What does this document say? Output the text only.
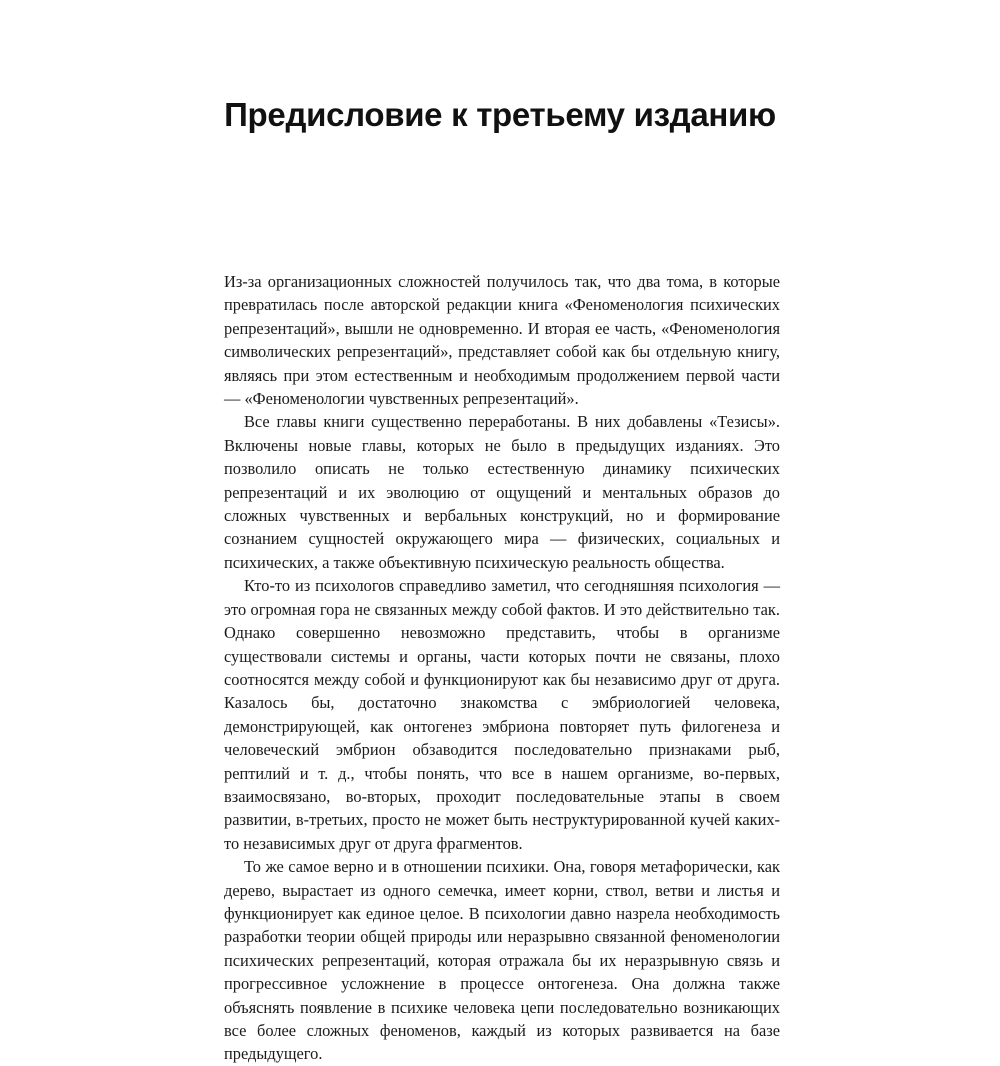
Предисловие к третьему изданию

Из-за организационных сложностей получилось так, что два тома, в которые превратилась после авторской редакции книга «Феноменология психических репрезентаций», вышли не одновременно. И вторая ее часть, «Феноменология символических репрезентаций», представляет собой как бы отдельную книгу, являясь при этом естественным и необходимым продолжением первой части — «Феноменологии чувственных репрезентаций».

Все главы книги существенно переработаны. В них добавлены «Тезисы». Включены новые главы, которых не было в предыдущих изданиях. Это позволило описать не только естественную динамику психических репрезентаций и их эволюцию от ощущений и ментальных образов до сложных чувственных и вербальных конструкций, но и формирование сознанием сущностей окружающего мира — физических, социальных и психических, а также объективную психическую реальность общества.

Кто-то из психологов справедливо заметил, что сегодняшняя психология — это огромная гора не связанных между собой фактов. И это действительно так. Однако совершенно невозможно представить, чтобы в организме существовали системы и органы, части которых почти не связаны, плохо соотносятся между собой и функционируют как бы независимо друг от друга. Казалось бы, достаточно знакомства с эмбриологией человека, демонстрирующей, как онтогенез эмбриона повторяет путь филогенеза и человеческий эмбрион обзаводится последовательно признаками рыб, рептилий и т. д., чтобы понять, что все в нашем организме, во-первых, взаимосвязано, во-вторых, проходит последовательные этапы в своем развитии, в-третьих, просто не может быть неструктурированной кучей каких-то независимых друг от друга фрагментов.

То же самое верно и в отношении психики. Она, говоря метафорически, как дерево, вырастает из одного семечка, имеет корни, ствол, ветви и листья и функционирует как единое целое. В психологии давно назрела необходимость разработки теории общей природы или неразрывно связанной феноменологии психических репрезентаций, которая отражала бы их неразрывную связь и прогрессивное усложнение в процессе онтогенеза. Она должна также объяснять появление в психике человека цепи последовательно возникающих все более сложных феноменов, каждый из которых развивается на базе предыдущего.
